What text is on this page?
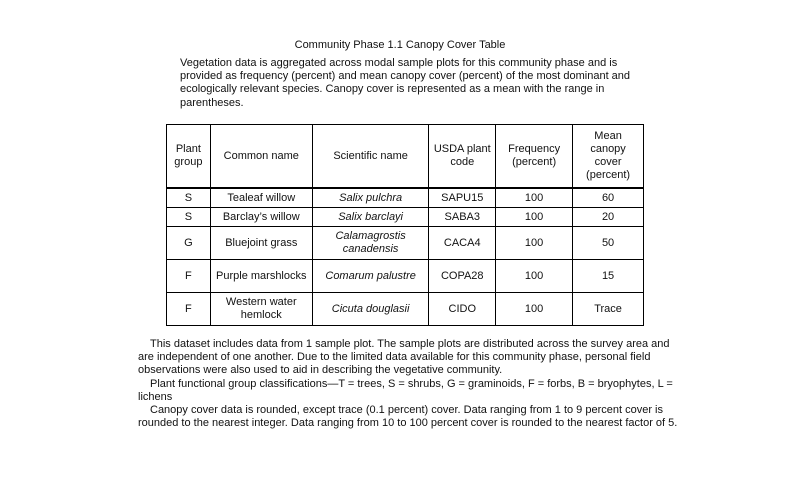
Community Phase 1.1 Canopy Cover Table
Vegetation data is aggregated across modal sample plots for this community phase and is provided as frequency (percent) and mean canopy cover (percent) of the most dominant and ecologically relevant species. Canopy cover is represented as a mean with the range in parentheses.
Plant group	Common name	Scientific name	USDA plant code	Frequency (percent)	Mean canopy cover (percent)
S	Tealeaf willow	Salix pulchra	SAPU15	100	60
S	Barclay’s willow	Salix barclayi	SABA3	100	20
G	Bluejoint grass	Calamagrostis canadensis	CACA4	100	50
F	Purple marshlocks	Comarum palustre	COPA28	100	15
F	Western water hemlock	Cicuta douglasii	CIDO	100	Trace

This dataset includes data from 1 sample plot. The sample plots are distributed across the survey area and are independent of one another. Due to the limited data available for this community phase, personal field observations were also used to aid in describing the vegetative community.

Plant functional group classifications—T = trees, S = shrubs, G = graminoids, F = forbs, B = bryophytes, L = lichens

Canopy cover data is rounded, except trace (0.1 percent) cover. Data ranging from 1 to 9 percent cover is rounded to the nearest integer. Data ranging from 10 to 100 percent cover is rounded to the nearest factor of 5.
